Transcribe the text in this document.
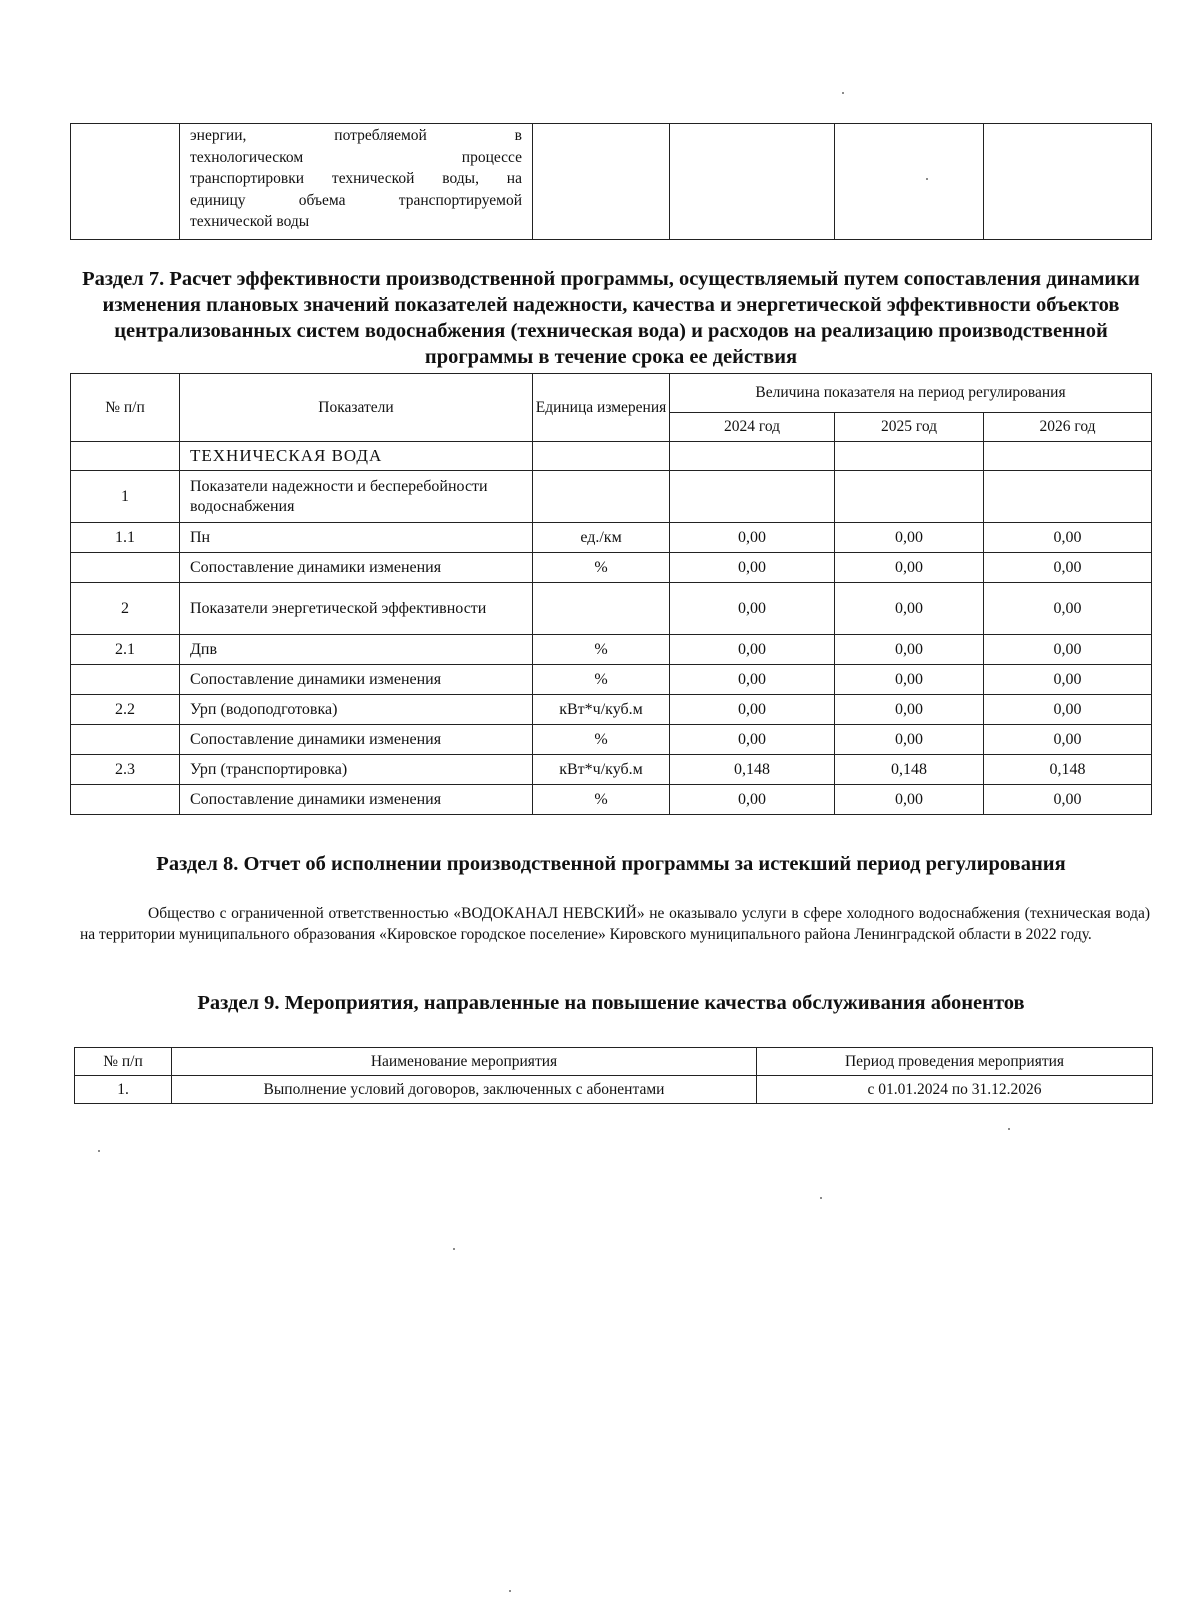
энергии, потребляемой в
технологическом процессе
транспортировки технической воды, на
единицу объема транспортируемой
технической воды

Раздел 7. Расчет эффективности производственной программы, осуществляемый путем сопоставления динамики изменения плановых значений показателей надежности, качества и энергетической эффективности объектов централизованных систем водоснабжения (техническая вода) и расходов на реализацию производственной программы в течение срока ее действия
№ п/п	Показатели	Единица измерения	Величина показателя на период регулирования		
			2024 год	2025 год	2026 год
	ТЕХНИЧЕСКАЯ ВОДА				
1	Показатели надежности и бесперебойности водоснабжения				
1.1	Пн	ед./км	0,00	0,00	0,00
	Сопоставление динамики изменения	%	0,00	0,00	0,00
2	Показатели энергетической эффективности		0,00	0,00	0,00
2.1	Дпв	%	0,00	0,00	0,00
	Сопоставление динамики изменения	%	0,00	0,00	0,00
2.2	Урп (водоподготовка)	кВт*ч/куб.м	0,00	0,00	0,00
	Сопоставление динамики изменения	%	0,00	0,00	0,00
2.3	Урп (транспортировка)	кВт*ч/куб.м	0,148	0,148	0,148
	Сопоставление динамики изменения	%	0,00	0,00	0,00
Раздел 8. Отчет об исполнении производственной программы за истекший период регулирования
Общество с ограниченной ответственностью «ВОДОКАНАЛ НЕВСКИЙ» не оказывало услуги в сфере холодного водоснабжения (техническая вода) на территории муниципального образования «Кировское городское поселение» Кировского муниципального района Ленинградской области в 2022 году.
Раздел 9. Мероприятия, направленные на повышение качества обслуживания абонентов
№ п/п	Наименование мероприятия	Период проведения мероприятия
1.	Выполнение условий договоров, заключенных с абонентами	с 01.01.2024 по 31.12.2026
